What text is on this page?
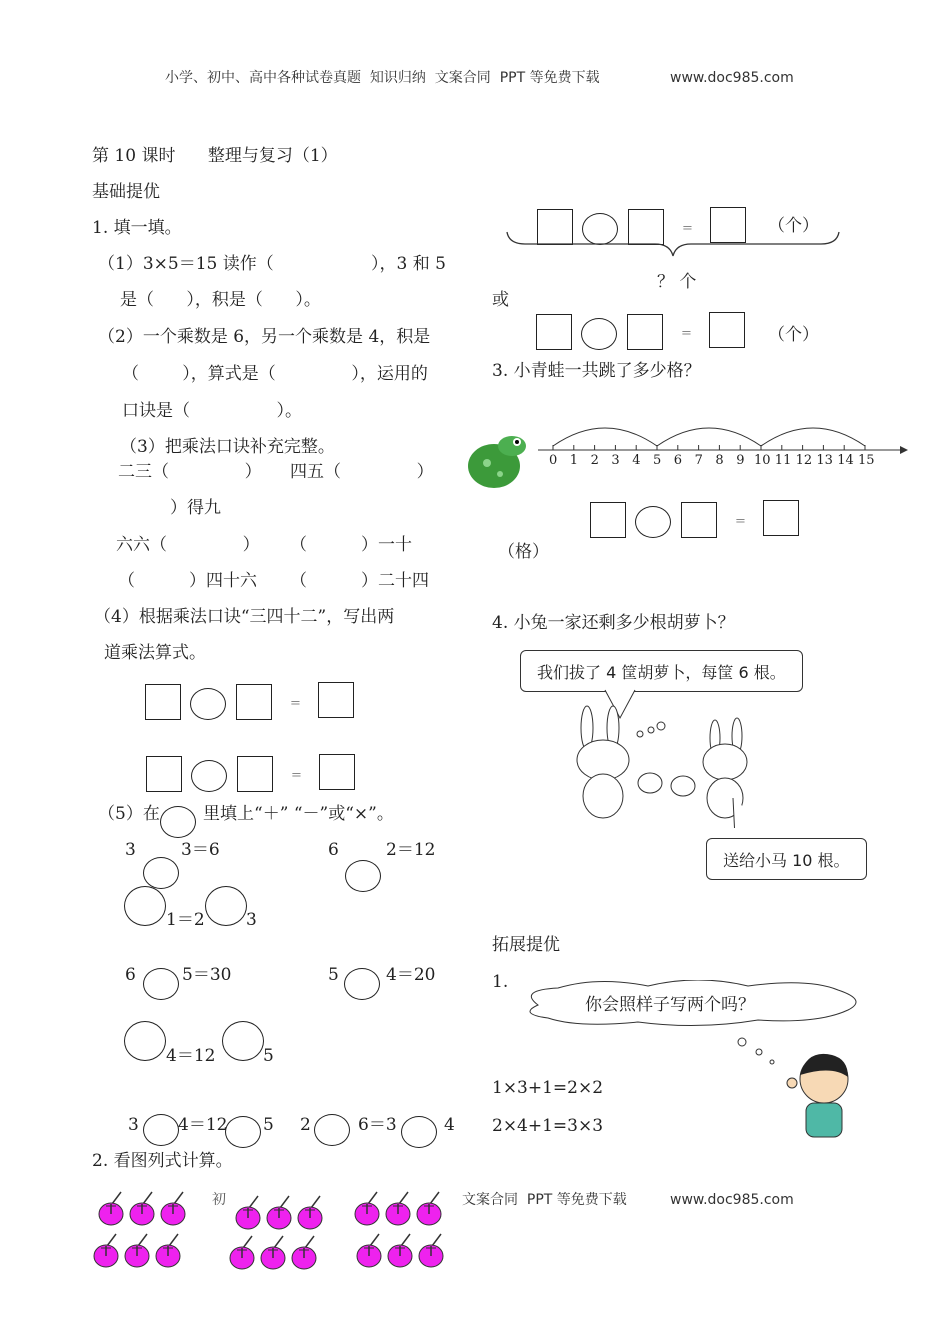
小学、初中、高中各种试卷真题  知识归纳  文案合同  PPT 等免费下载	www.doc985.com
第 10 课时      整理与复习（1）
基础提优
1. 填一填。
（1）3×5＝15 读作（                  ），3 和 5
是（      ），积是（      ）。
（2）一个乘数是 6，另一个乘数是 4，积是
（        ），算式是（              ），运用的
口诀是（                ）。
（3）把乘法口诀补充完整。
二三（              ） 四五（              ）
）得九
六六（              ） （          ）一十
（          ）四十六 （          ）二十四
（4）根据乘法口诀“三四十二”，写出两
道乘法算式。
=
=
（5）在        里填上“＋” “－”或“×”。
3	3＝6	6	2＝12
1＝2 3
6	5＝30	5	4＝20
4＝12	5
3 4＝12 5 2	6＝3	4
2. 看图列式计算。
初	文案合同  PPT 等免费下载	www.doc985.com
=	（个）
？ 个
或
=	（个）
3. 小青蛙一共跳了多少格？
0 1 2 3 4 5 6 7 8 9 10 11 12 13 14 15
=
（格）
4. 小兔一家还剩多少根胡萝卜？
我们拔了 4 筐胡萝卜，每筐 6 根。
送给小马 10 根。
拓展提优
1.
你会照样子写两个吗？
1×3+1=2×2
2×4+1=3×3
